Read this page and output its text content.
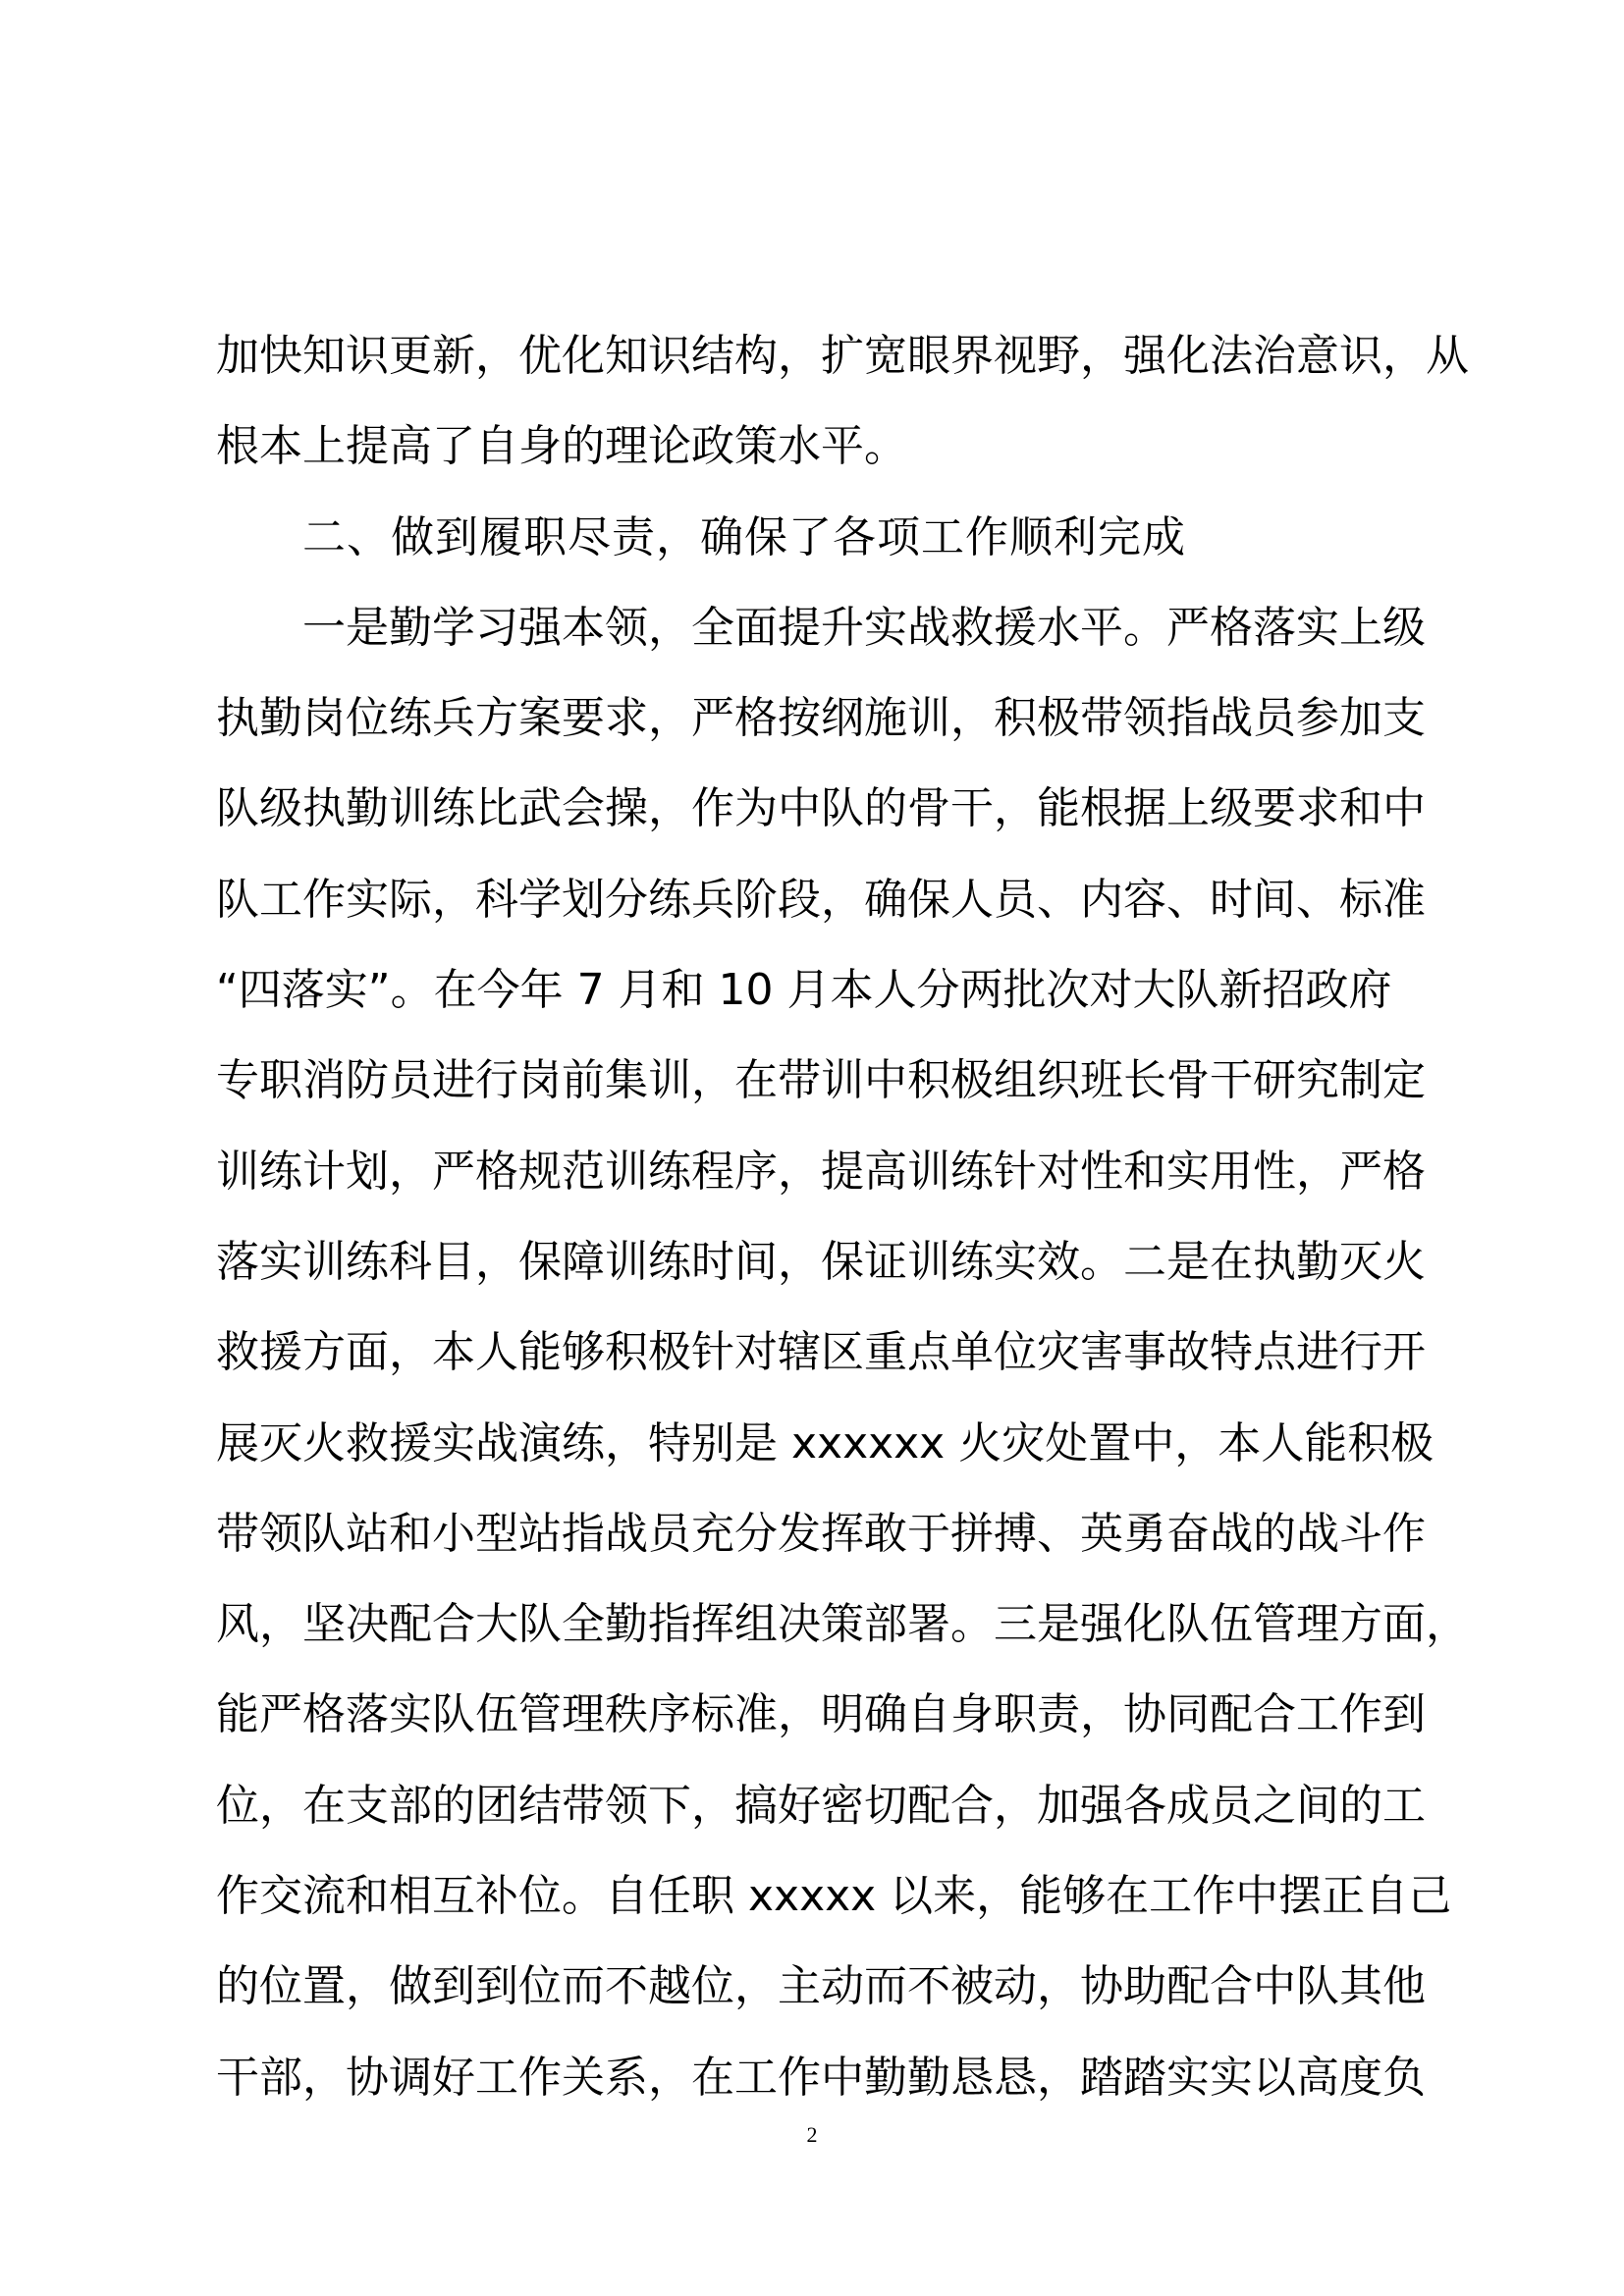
加快知识更新，优化知识结构，扩宽眼界视野，强化法治意识，从
根本上提高了自身的理论政策水平。
二、做到履职尽责，确保了各项工作顺利完成
一是勤学习强本领，全面提升实战救援水平。严格落实上级
执勤岗位练兵方案要求，严格按纲施训，积极带领指战员参加支
队级执勤训练比武会操，作为中队的骨干，能根据上级要求和中
队工作实际，科学划分练兵阶段，确保人员、内容、时间、标准
“四落实”。在今年 7 月和 10 月本人分两批次对大队新招政府
专职消防员进行岗前集训，在带训中积极组织班长骨干研究制定
训练计划，严格规范训练程序，提高训练针对性和实用性，严格
落实训练科目，保障训练时间，保证训练实效。二是在执勤灭火
救援方面，本人能够积极针对辖区重点单位灾害事故特点进行开
展灭火救援实战演练，特别是 xxxxxx 火灾处置中，本人能积极
带领队站和小型站指战员充分发挥敢于拼搏、英勇奋战的战斗作
风，坚决配合大队全勤指挥组决策部署。三是强化队伍管理方面，
能严格落实队伍管理秩序标准，明确自身职责，协同配合工作到
位，在支部的团结带领下，搞好密切配合，加强各成员之间的工
作交流和相互补位。自任职 xxxxx 以来，能够在工作中摆正自己
的位置，做到到位而不越位，主动而不被动，协助配合中队其他
干部，协调好工作关系，在工作中勤勤恳恳，踏踏实实以高度负
2
